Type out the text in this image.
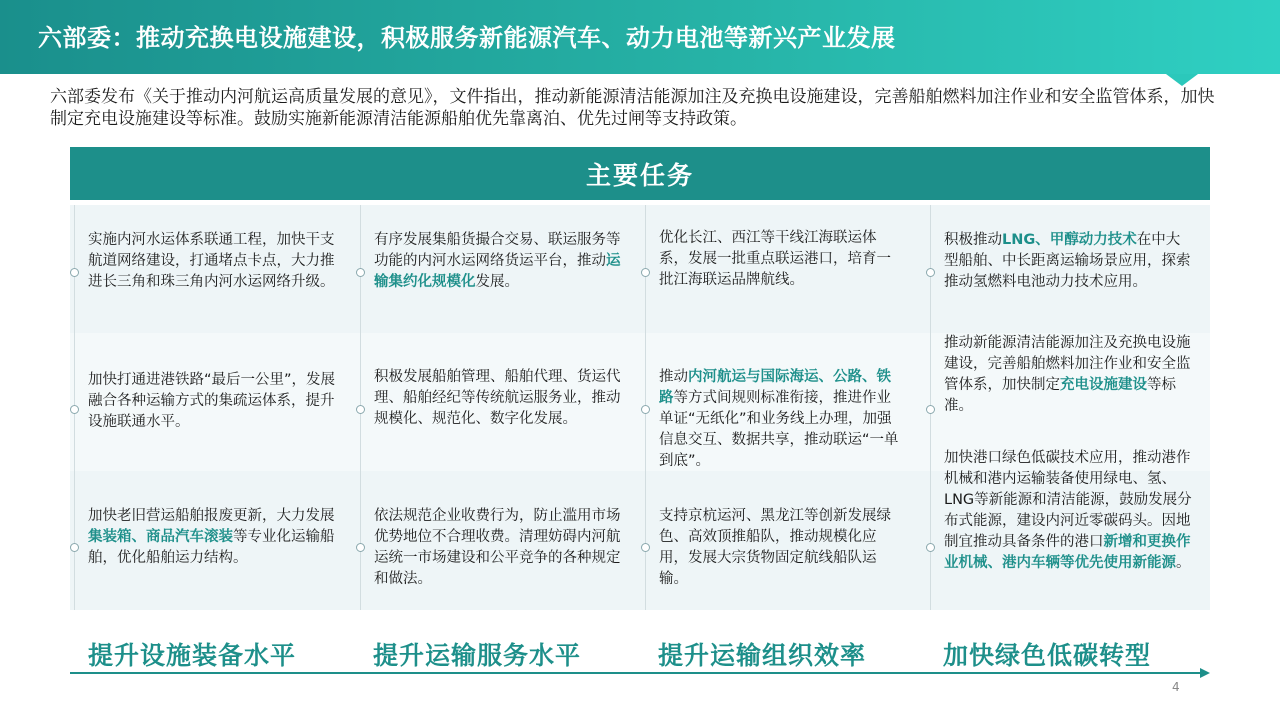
六部委：推动充换电设施建设，积极服务新能源汽车、动力电池等新兴产业发展
六部委发布《关于推动内河航运高质量发展的意见》，文件指出，推动新能源清洁能源加注及充换电设施建设，完善船舶燃料加注作业和安全监管体系，加快制定充电设施建设等标准。鼓励实施新能源清洁能源船舶优先靠离泊、优先过闸等支持政策。
主要任务
实施内河水运体系联通工程，加快干支航道网络建设，打通堵点卡点，大力推进长三角和珠三角内河水运网络升级。
加快打通进港铁路“最后一公里”，发展融合各种运输方式的集疏运体系，提升设施联通水平。
加快老旧营运船舶报废更新，大力发展集装箱、商品汽车滚装等专业化运输船舶，优化船舶运力结构。
有序发展集船货撮合交易、联运服务等功能的内河水运网络货运平台，推动运输集约化规模化发展。
积极发展船舶管理、船舶代理、货运代理、船舶经纪等传统航运服务业，推动规模化、规范化、数字化发展。
依法规范企业收费行为，防止滥用市场优势地位不合理收费。清理妨碍内河航运统一市场建设和公平竞争的各种规定和做法。
优化长江、西江等干线江海联运体系，发展一批重点联运港口，培育一批江海联运品牌航线。
推动内河航运与国际海运、公路、铁路等方式间规则标准衔接，推进作业单证“无纸化”和业务线上办理，加强信息交互、数据共享，推动联运“一单到底”。
支持京杭运河、黑龙江等创新发展绿色、高效顶推船队，推动规模化应用，发展大宗货物固定航线船队运输。
积极推动LNG、甲醇动力技术在中大型船舶、中长距离运输场景应用，探索推动氢燃料电池动力技术应用。
推动新能源清洁能源加注及充换电设施建设，完善船舶燃料加注作业和安全监管体系，加快制定充电设施建设等标准。
加快港口绿色低碳技术应用，推动港作机械和港内运输装备使用绿电、氢、LNG等新能源和清洁能源，鼓励发展分布式能源，建设内河近零碳码头。因地制宜推动具备条件的港口新增和更换作业机械、港内车辆等优先使用新能源。
提升设施装备水平	提升运输服务水平	提升运输组织效率	加快绿色低碳转型
4
